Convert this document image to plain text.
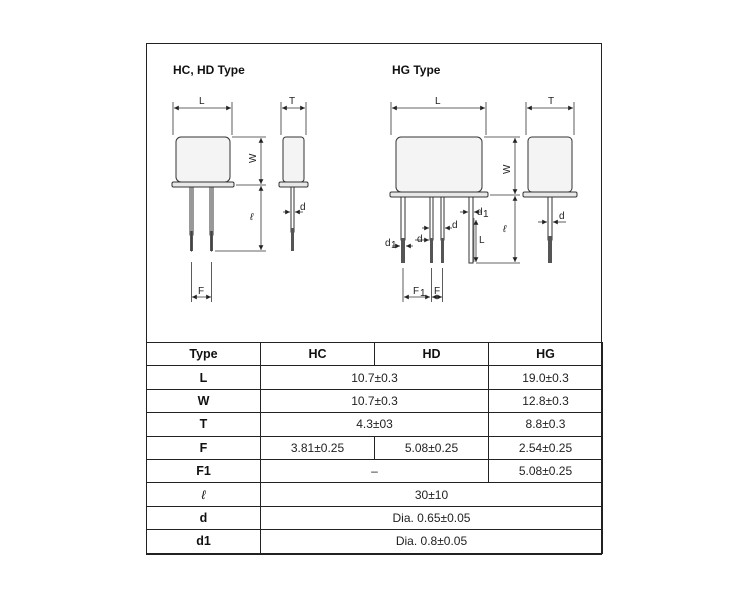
HC, HD Type	HG Type
L
W
ℓ
F
T
d
L
W
ℓ
d 1
L
d
d
d 1
F 1 F
T
d
Type	HC	HD	HG
L	10.7±0.3		19.0±0.3
W	10.7±0.3		12.8±0.3
T	4.3±03		8.8±0.3
F	3.81±0.25	5.08±0.25	2.54±0.25
F1	–		5.08±0.25
ℓ	30±10		
d	Dia. 0.65±0.05		
d1	Dia. 0.8±0.05		
